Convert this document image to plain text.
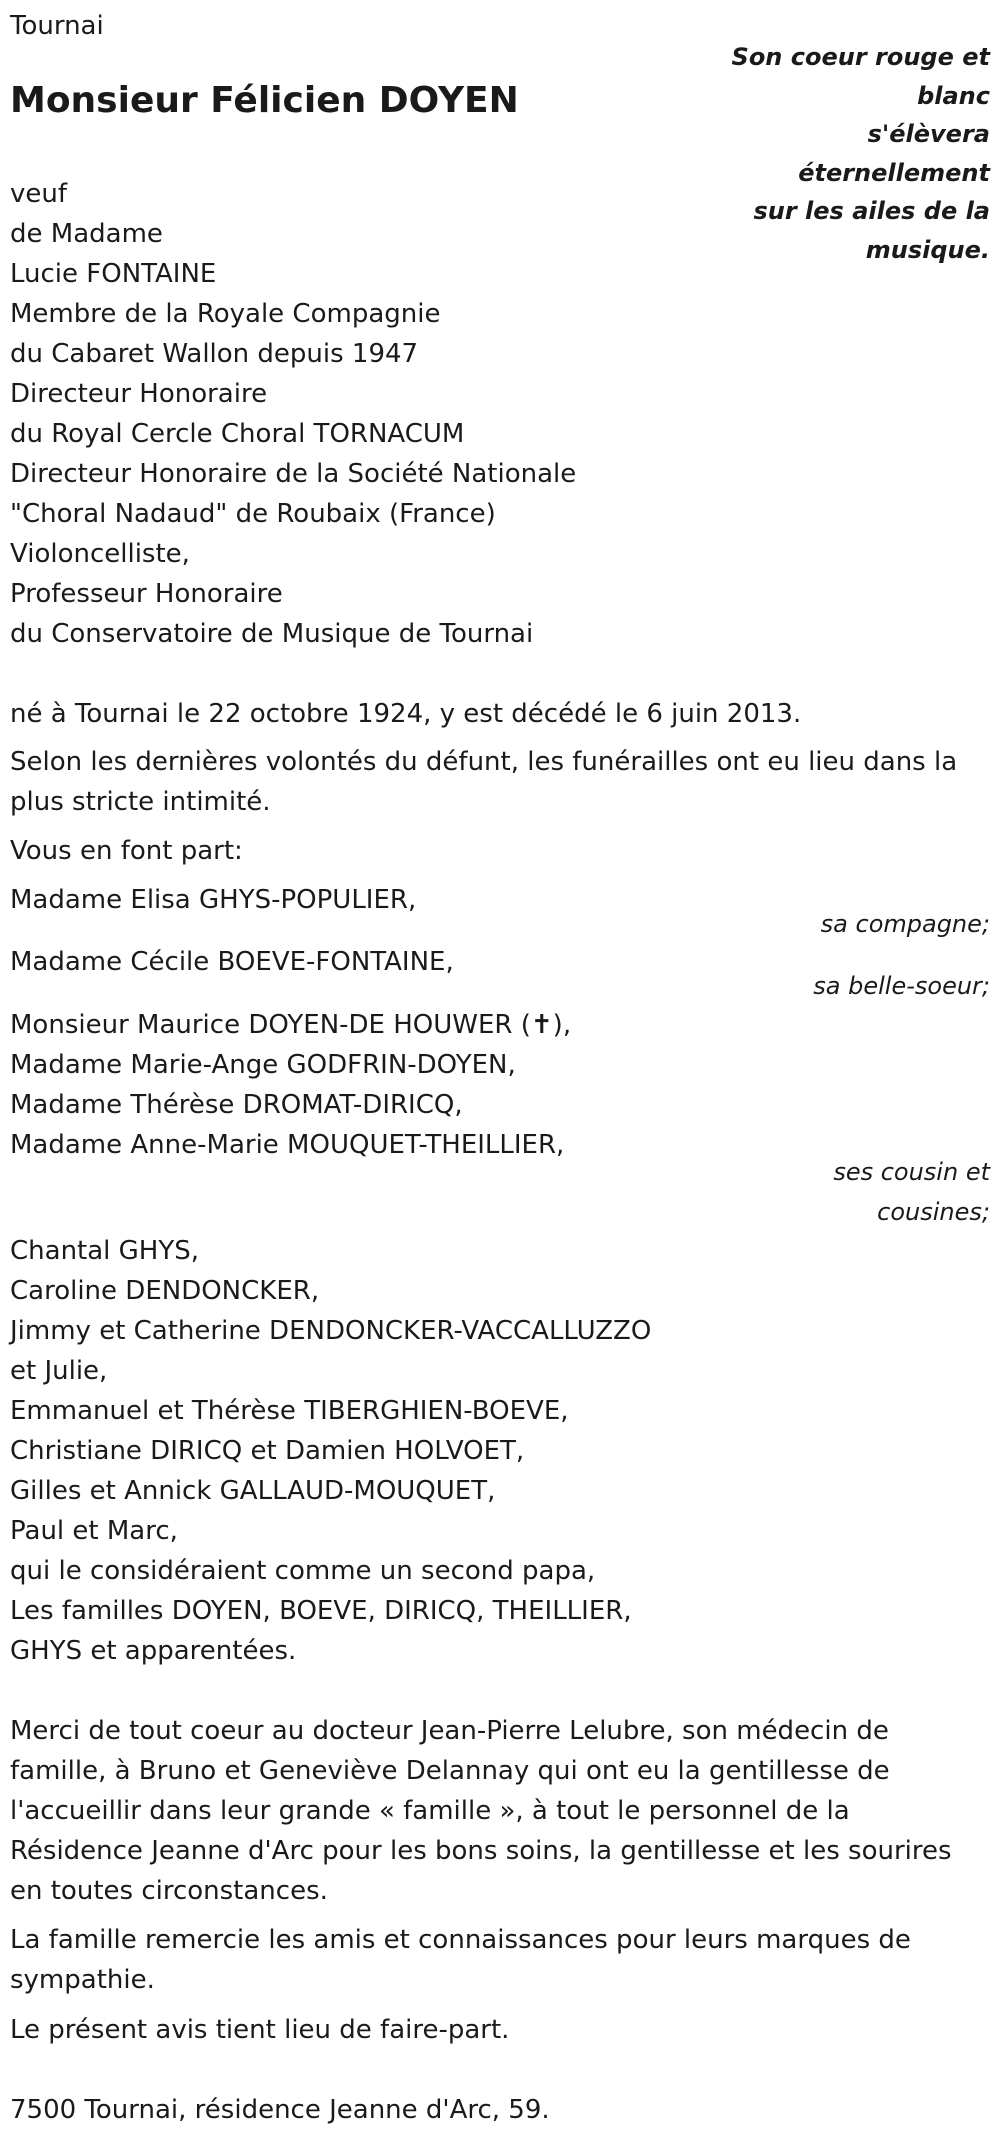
Tournai
Monsieur Félicien DOYEN
Son coeur rouge et
blanc
s'élèvera
éternellement
sur les ailes de la
musique.
veuf
de Madame
Lucie FONTAINE
Membre de la Royale Compagnie
du Cabaret Wallon depuis 1947
Directeur Honoraire
du Royal Cercle Choral TORNACUM
Directeur Honoraire de la Société Nationale
"Choral Nadaud" de Roubaix (France)
Violoncelliste,
Professeur Honoraire
du Conservatoire de Musique de Tournai
né à Tournai le 22 octobre 1924, y est décédé le 6 juin 2013.
Selon les dernières volontés du défunt, les funérailles ont eu lieu dans la
plus stricte intimité.
Vous en font part:
Madame Elisa GHYS-POPULIER,
sa compagne;
Madame Cécile BOEVE-FONTAINE,
sa belle-soeur;
Monsieur Maurice DOYEN-DE HOUWER (✝),
Madame Marie-Ange GODFRIN-DOYEN,
Madame Thérèse DROMAT-DIRICQ,
Madame Anne-Marie MOUQUET-THEILLIER,
ses cousin et
cousines;
Chantal GHYS,
Caroline DENDONCKER,
Jimmy et Catherine DENDONCKER-VACCALLUZZO
et Julie,
Emmanuel et Thérèse TIBERGHIEN-BOEVE,
Christiane DIRICQ et Damien HOLVOET,
Gilles et Annick GALLAUD-MOUQUET,
Paul et Marc,
qui le considéraient comme un second papa,
Les familles DOYEN, BOEVE, DIRICQ, THEILLIER,
GHYS et apparentées.
Merci de tout coeur au docteur Jean-Pierre Lelubre, son médecin de
famille, à Bruno et Geneviève Delannay qui ont eu la gentillesse de
l'accueillir dans leur grande « famille », à tout le personnel de la
Résidence Jeanne d'Arc pour les bons soins, la gentillesse et les sourires
en toutes circonstances.
La famille remercie les amis et connaissances pour leurs marques de
sympathie.
Le présent avis tient lieu de faire-part.
7500 Tournai, résidence Jeanne d'Arc, 59.
